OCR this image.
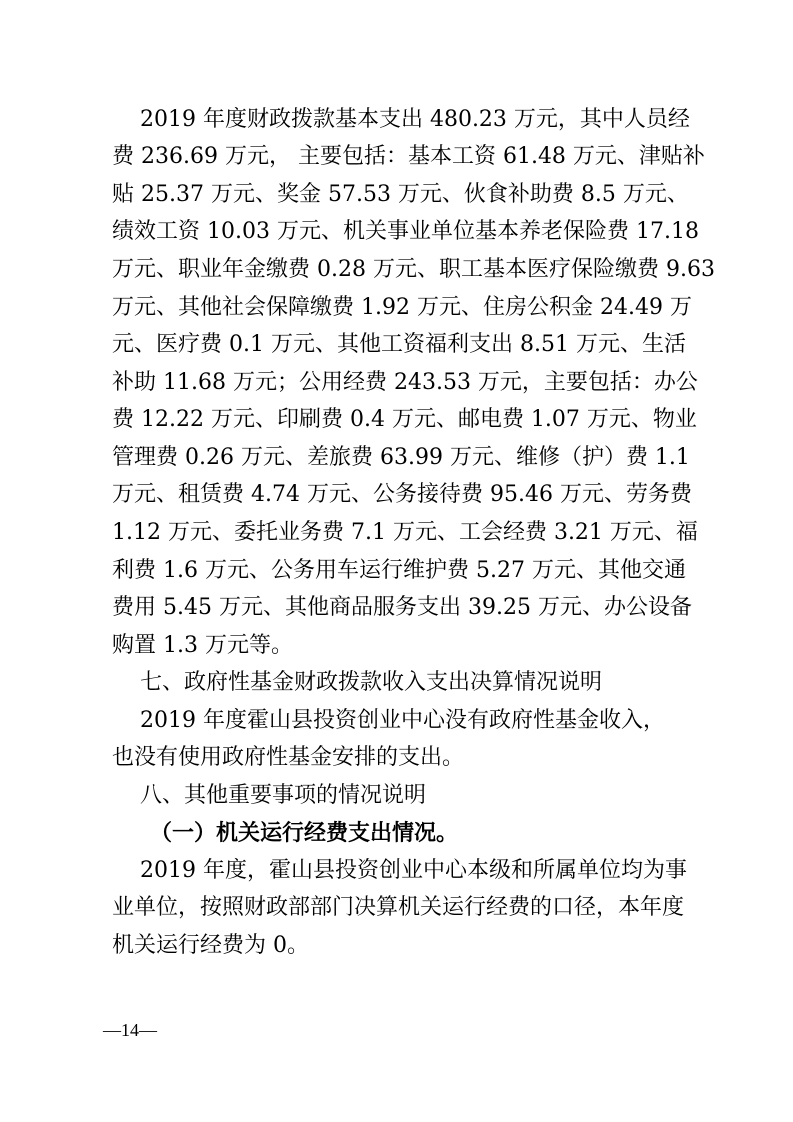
2019 年度财政拨款基本支出 480.23 万元，其中人员经
费 236.69 万元， 主要包括：基本工资 61.48 万元、津贴补
贴 25.37 万元、奖金 57.53 万元、伙食补助费 8.5 万元、
绩效工资 10.03 万元、机关事业单位基本养老保险费 17.18
万元、职业年金缴费 0.28 万元、职工基本医疗保险缴费 9.63
万元、其他社会保障缴费 1.92 万元、住房公积金 24.49 万
元、医疗费 0.1 万元、其他工资福利支出 8.51 万元、生活
补助 11.68 万元；公用经费 243.53 万元，主要包括：办公
费 12.22 万元、印刷费 0.4 万元、邮电费 1.07 万元、物业
管理费 0.26 万元、差旅费 63.99 万元、维修（护）费 1.1
万元、租赁费 4.74 万元、公务接待费 95.46 万元、劳务费
1.12 万元、委托业务费 7.1 万元、工会经费 3.21 万元、福
利费 1.6 万元、公务用车运行维护费 5.27 万元、其他交通
费用 5.45 万元、其他商品服务支出 39.25 万元、办公设备
购置 1.3 万元等。
七、政府性基金财政拨款收入支出决算情况说明
2019 年度霍山县投资创业中心没有政府性基金收入，
也没有使用政府性基金安排的支出。
八、其他重要事项的情况说明
（一）机关运行经费支出情况。
2019 年度，霍山县投资创业中心本级和所属单位均为事
业单位，按照财政部部门决算机关运行经费的口径，本年度
机关运行经费为 0。
—14—
